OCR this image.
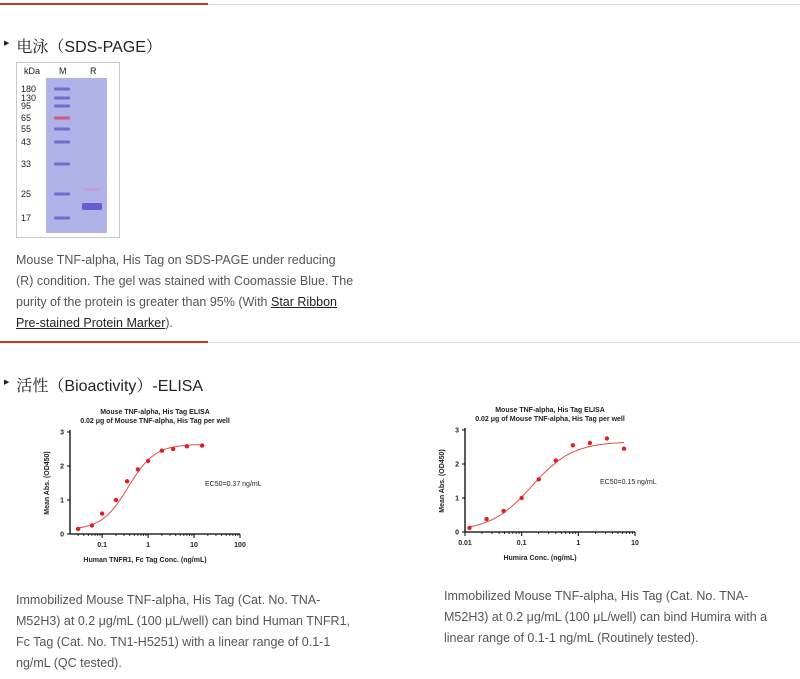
▶ 电泳（SDS-PAGE）
kDa M	R
180
130
95
65
55
43
33
25
17
Mouse TNF-alpha, His Tag on SDS-PAGE under reducing (R) condition. The gel was stained with Coomassie Blue. The purity of the protein is greater than 95% (With Star Ribbon Pre-stained Protein Marker).
▶ 活性（Bioactivity）-ELISA
Mouse TNF-alpha, His Tag ELISA
0.02 μg of Mouse TNF-alpha, His Tag per well
0
1
2
3
0.1	1	10	100
Human TNFR1, Fc Tag Conc. (ng/mL)
Mean Abs. (OD450)	EC50=0.37 ng/mL
Mouse TNF-alpha, His Tag ELISA
0.02 μg of Mouse TNF-alpha, His Tag per well
0
1
2
3
0.01	0.1	1	10
Humira Conc. (ng/mL)
Mean Abs. (OD450)	EC50=0.15 ng/mL
Immobilized Mouse TNF-alpha, His Tag (Cat. No. TNA-M52H3) at 0.2 μg/mL (100 μL/well) can bind Human TNFR1, Fc Tag (Cat. No. TN1-H5251) with a linear range of 0.1-1 ng/mL (QC tested).
Immobilized Mouse TNF-alpha, His Tag (Cat. No. TNA-M52H3) at 0.2 μg/mL (100 μL/well) can bind Humira with a linear range of 0.1-1 ng/mL (Routinely tested).
